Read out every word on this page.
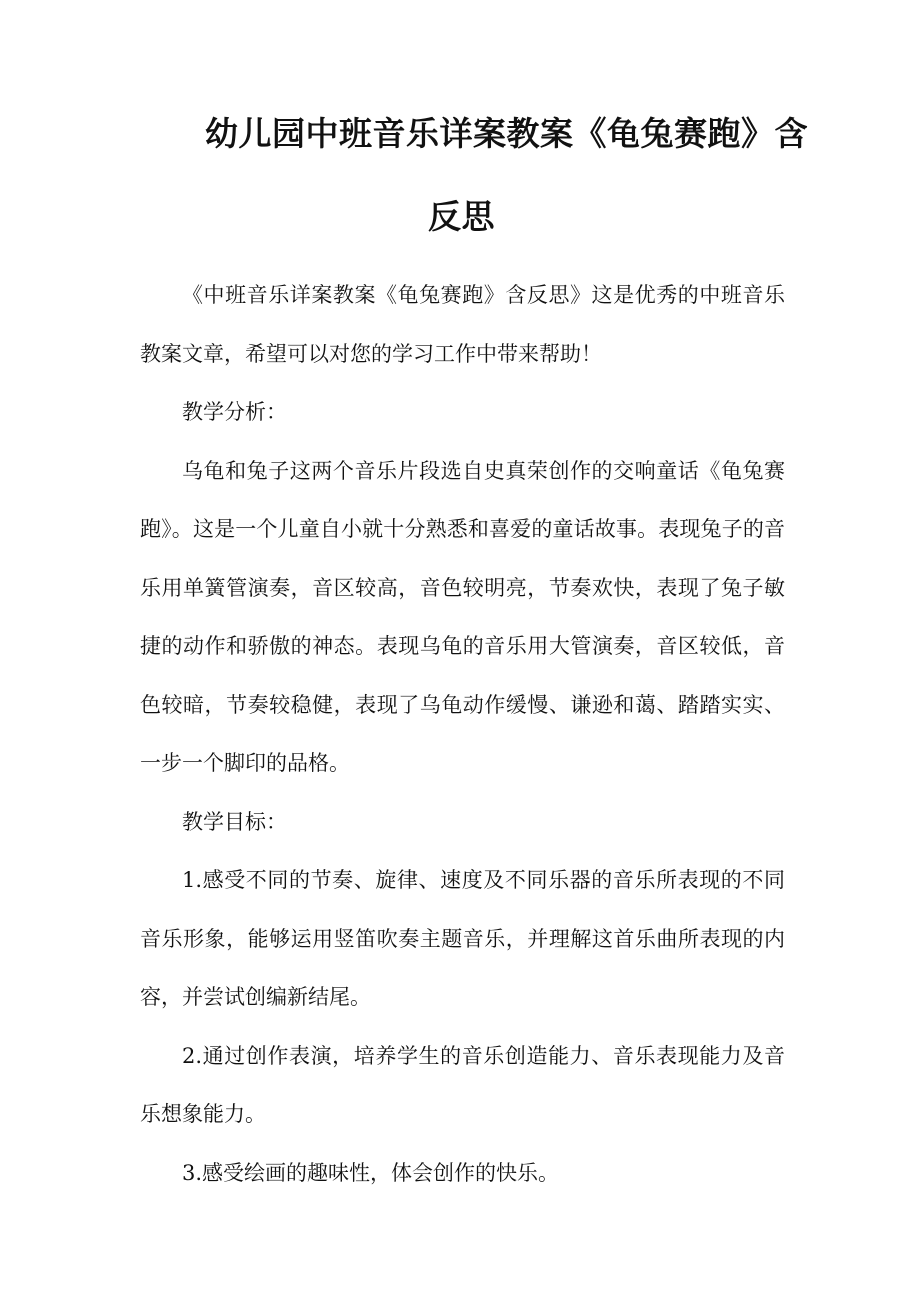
幼儿园中班音乐详案教案《龟兔赛跑》含
反思

《中班音乐详案教案《龟兔赛跑》含反思》这是优秀的中班音乐教案文章，希望可以对您的学习工作中带来帮助！

教学分析：

乌龟和兔子这两个音乐片段选自史真荣创作的交响童话《龟兔赛跑》。这是一个儿童自小就十分熟悉和喜爱的童话故事。表现兔子的音乐用单簧管演奏，音区较高，音色较明亮，节奏欢快，表现了兔子敏捷的动作和骄傲的神态。表现乌龟的音乐用大管演奏，音区较低，音色较暗，节奏较稳健，表现了乌龟动作缓慢、谦逊和蔼、踏踏实实、一步一个脚印的品格。

教学目标：

1.感受不同的节奏、旋律、速度及不同乐器的音乐所表现的不同音乐形象，能够运用竖笛吹奏主题音乐，并理解这首乐曲所表现的内容，并尝试创编新结尾。

2.通过创作表演，培养学生的音乐创造能力、音乐表现能力及音乐想象能力。

3.感受绘画的趣味性，体会创作的快乐。
